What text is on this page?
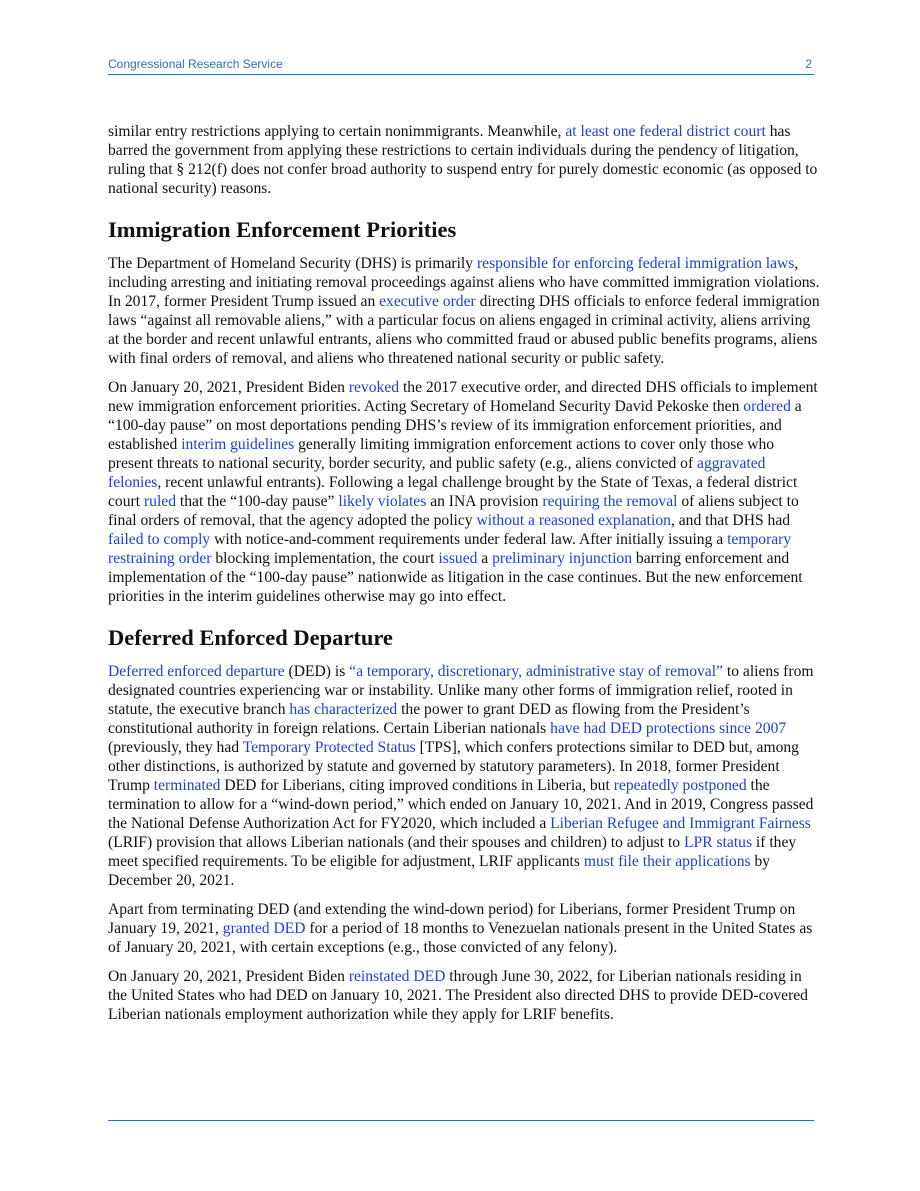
Congressional Research Service	2

similar entry restrictions applying to certain nonimmigrants. Meanwhile, at least one federal district court has barred the government from applying these restrictions to certain individuals during the pendency of litigation, ruling that § 212(f) does not confer broad authority to suspend entry for purely domestic economic (as opposed to national security) reasons.

Immigration Enforcement Priorities

The Department of Homeland Security (DHS) is primarily responsible for enforcing federal immigration laws, including arresting and initiating removal proceedings against aliens who have committed immigration violations. In 2017, former President Trump issued an executive order directing DHS officials to enforce federal immigration laws “against all removable aliens,” with a particular focus on aliens engaged in criminal activity, aliens arriving at the border and recent unlawful entrants, aliens who committed fraud or abused public benefits programs, aliens with final orders of removal, and aliens who threatened national security or public safety.

On January 20, 2021, President Biden revoked the 2017 executive order, and directed DHS officials to implement new immigration enforcement priorities. Acting Secretary of Homeland Security David Pekoske then ordered a “100-day pause” on most deportations pending DHS’s review of its immigration enforcement priorities, and established interim guidelines generally limiting immigration enforcement actions to cover only those who present threats to national security, border security, and public safety (e.g., aliens convicted of aggravated felonies, recent unlawful entrants). Following a legal challenge brought by the State of Texas, a federal district court ruled that the “100-day pause” likely violates an INA provision requiring the removal of aliens subject to final orders of removal, that the agency adopted the policy without a reasoned explanation, and that DHS had failed to comply with notice-and-comment requirements under federal law. After initially issuing a temporary restraining order blocking implementation, the court issued a preliminary injunction barring enforcement and implementation of the “100-day pause” nationwide as litigation in the case continues. But the new enforcement priorities in the interim guidelines otherwise may go into effect.

Deferred Enforced Departure

Deferred enforced departure (DED) is “a temporary, discretionary, administrative stay of removal” to aliens from designated countries experiencing war or instability. Unlike many other forms of immigration relief, rooted in statute, the executive branch has characterized the power to grant DED as flowing from the President’s constitutional authority in foreign relations. Certain Liberian nationals have had DED protections since 2007 (previously, they had Temporary Protected Status [TPS], which confers protections similar to DED but, among other distinctions, is authorized by statute and governed by statutory parameters). In 2018, former President Trump terminated DED for Liberians, citing improved conditions in Liberia, but repeatedly postponed the termination to allow for a “wind-down period,” which ended on January 10, 2021. And in 2019, Congress passed the National Defense Authorization Act for FY2020, which included a Liberian Refugee and Immigrant Fairness (LRIF) provision that allows Liberian nationals (and their spouses and children) to adjust to LPR status if they meet specified requirements. To be eligible for adjustment, LRIF applicants must file their applications by December 20, 2021.

Apart from terminating DED (and extending the wind-down period) for Liberians, former President Trump on January 19, 2021, granted DED for a period of 18 months to Venezuelan nationals present in the United States as of January 20, 2021, with certain exceptions (e.g., those convicted of any felony).

On January 20, 2021, President Biden reinstated DED through June 30, 2022, for Liberian nationals residing in the United States who had DED on January 10, 2021. The President also directed DHS to provide DED-covered Liberian nationals employment authorization while they apply for LRIF benefits.
